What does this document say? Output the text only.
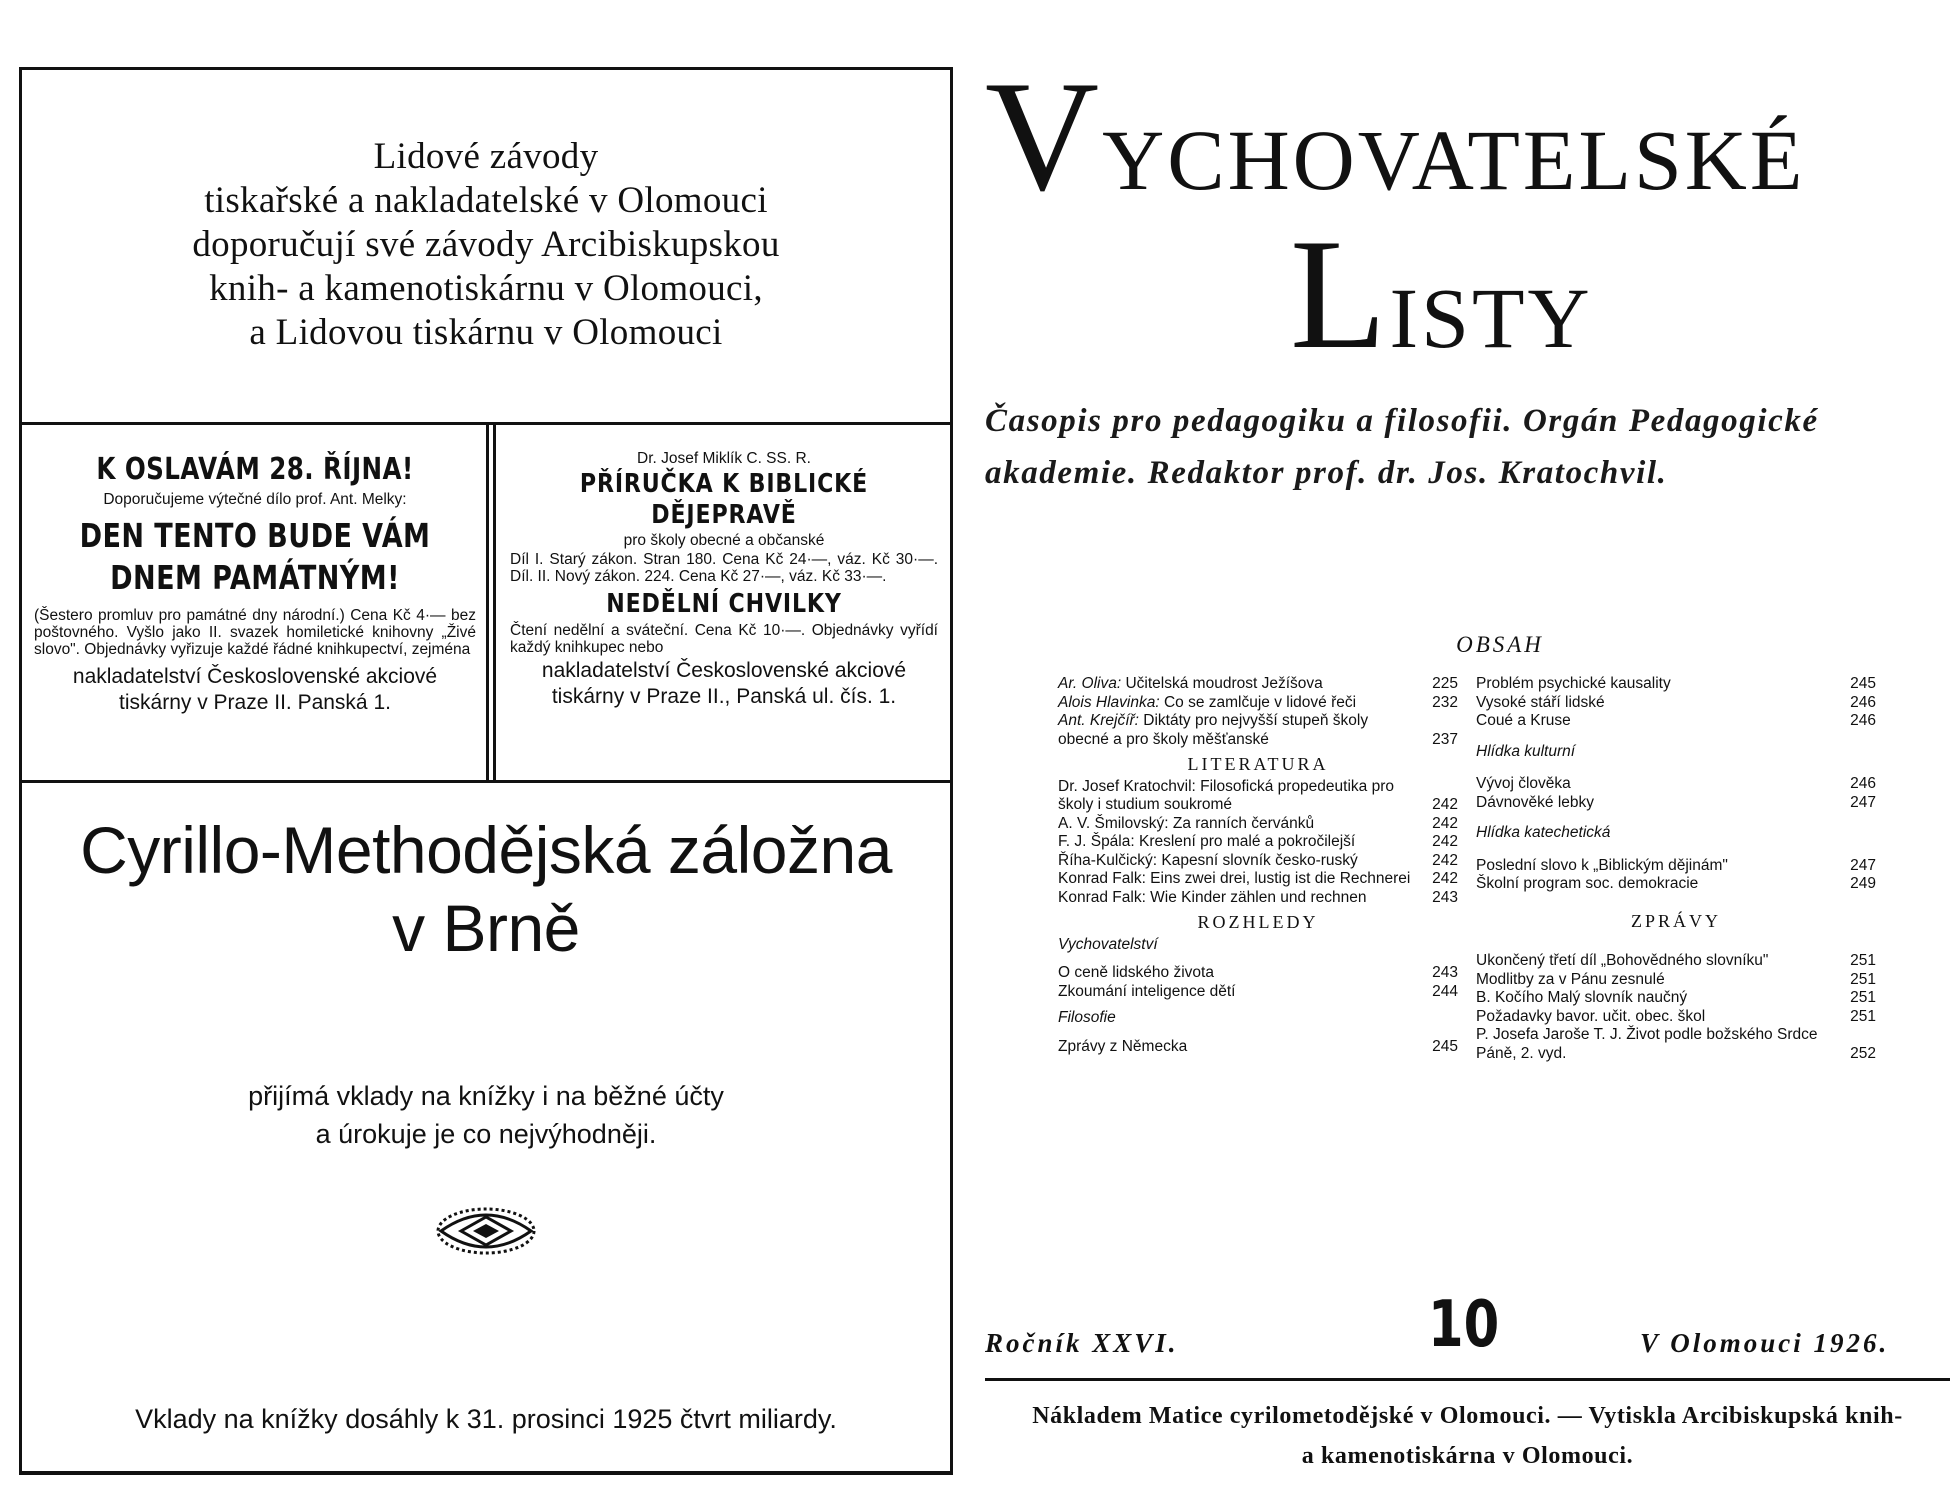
Lidové závody
tiskařské a nakladatelské v Olomouci
doporučují své závody Arcibiskupskou
knih- a kamenotiskárnu v Olomouci,
a Lidovou tiskárnu v Olomouci
K OSLAVÁM 28. ŘÍJNA!
Doporučujeme výtečné dílo prof. Ant. Melky:
DEN TENTO BUDE VÁM
DNEM PAMÁTNÝM!
(Šestero promluv pro památné dny národní.) Cena Kč 4·— bez poštovného. Vyšlo jako II. svazek homiletické knihovny „Živé slovo". Objednávky vyřizuje každé řádné knihkupectví, zejména
nakladatelství Československé akciové tiskárny v Praze II. Panská 1.
Dr. Josef Miklík C. SS. R.
PŘÍRUČKA K BIBLICKÉ
DĚJEPRAVĚ
pro školy obecné a občanské
Díl I. Starý zákon. Stran 180. Cena Kč 24·—, váz. Kč 30·—. Díl. II. Nový zákon. 224. Cena Kč 27·—, váz. Kč 33·—.
NEDĚLNÍ CHVILKY
Čtení nedělní a sváteční. Cena Kč 10·—. Objednávky vyřídí každý knihkupec nebo
nakladatelství Československé akciové tiskárny v Praze II., Panská ul. čís. 1.
Cyrillo-Methodějská záložna
v Brně
přijímá vklady na knížky i na běžné účty
a úrokuje je co nejvýhodněji.
Vklady na knížky dosáhly k 31. prosinci 1925 čtvrt miliardy.
VYCHOVATELSKÉ
LISTY
Časopis pro pedagogiku a filosofii. Orgán Pedagogické akademie. Redaktor prof. dr. Jos. Kratochvil.
OBSAH
Ar. Oliva: Učitelská moudrost Ježíšova	225
Alois Hlavinka: Co se zamlčuje v lidové řeči	232
Ant. Krejčíř: Diktáty pro nejvyšší stupeň školy obecné a pro školy měšťanské	237
LITERATURA
Dr. Josef Kratochvil: Filosofická propedeutika pro školy i studium soukromé	242
A. V. Šmilovský: Za ranních červánků	242
F. J. Špála: Kreslení pro malé a pokročilejší	242
Říha-Kulčický: Kapesní slovník česko-ruský	242
Konrad Falk: Eins zwei drei, lustig ist die Rechnerei 242
Konrad Falk: Wie Kinder zählen und rechnen	243
ROZHLEDY
Vychovatelství
O ceně lidského života	243
Zkoumání inteligence dětí	244
Filosofie
Zprávy z Německa	245
Problém psychické kausality	245
Vysoké stáří lidské	246
Coué a Kruse	246
Hlídka kulturní
Vývoj člověka	246
Dávnověké lebky	247
Hlídka katechetická
Poslední slovo k „Biblickým dějinám"	247
Školní program soc. demokracie	249
ZPRÁVY
Ukončený třetí díl „Bohovědného slovníku"	251
Modlitby za v Pánu zesnulé	251
B. Kočího Malý slovník naučný	251
Požadavky bavor. učit. obec. škol	251
P. Josefa Jaroše T. J. Život podle božského Srdce Páně, 2. vyd.	252
Ročník XXVI.	10	V Olomouci 1926.
Nákladem Matice cyrilometodějské v Olomouci. — Vytiskla Arcibiskupská knih-
a kamenotiskárna v Olomouci.
